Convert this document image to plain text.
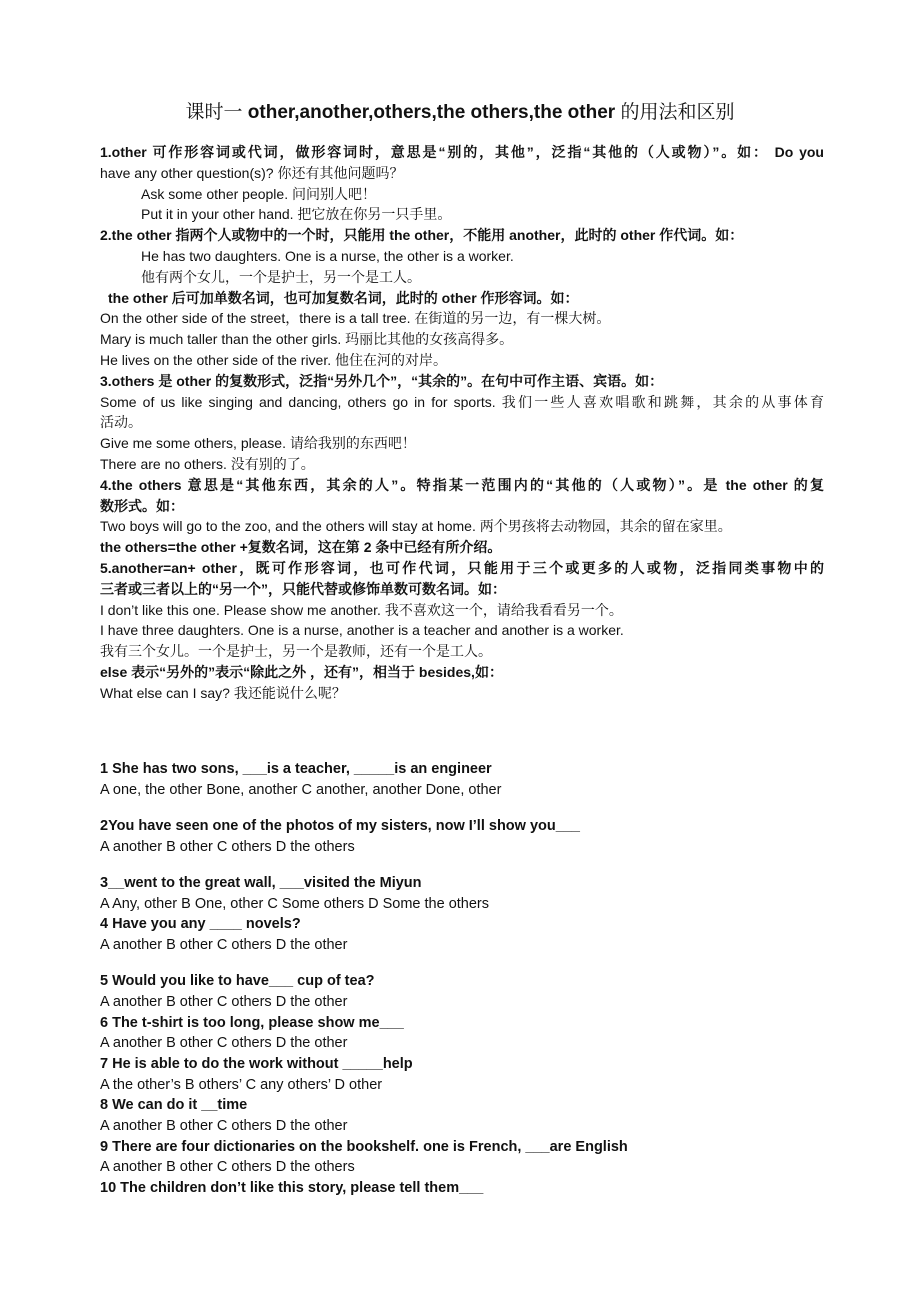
课时一 other,another,others,the others,the other 的用法和区别
1.other 可作形容词或代词，做形容词时，意思是“别的，其他”，泛指“其他的（人或物）”。如： Do you
have any other question(s)? 你还有其他问题吗？
Ask some other people. 问问别人吧！
Put it in your other hand. 把它放在你另一只手里。
2.the other 指两个人或物中的一个时，只能用 the other，不能用 another，此时的 other 作代词。如：
He has two daughters. One is a nurse, the other is a worker.
他有两个女儿，一个是护士，另一个是工人。
the other 后可加单数名词，也可加复数名词，此时的 other 作形容词。如：
On the other side of the street，there is a tall tree. 在街道的另一边，有一棵大树。
Mary is much taller than the other girls. 玛丽比其他的女孩高得多。
He lives on the other side of the river. 他住在河的对岸。
3.others 是 other 的复数形式，泛指“另外几个”，“其余的”。在句中可作主语、宾语。如：
Some of us like singing and dancing, others go in for sports. 我们一些人喜欢唱歌和跳舞，其余的从事体育
活动。
Give me some others, please. 请给我别的东西吧！
There are no others. 没有别的了。
4.the others 意思是“其他东西，其余的人”。特指某一范围内的“其他的（人或物）”。是 the other 的复
数形式。如：
Two boys will go to the zoo, and the others will stay at home. 两个男孩将去动物园，其余的留在家里。
the others=the other +复数名词，这在第 2 条中已经有所介绍。
5.another=an+ other，既可作形容词，也可作代词，只能用于三个或更多的人或物，泛指同类事物中的
三者或三者以上的“另一个”，只能代替或修饰单数可数名词。如：
I don’t like this one. Please show me another. 我不喜欢这一个，请给我看看另一个。
I have three daughters. One is a nurse, another is a teacher and another is a worker.
我有三个女儿。一个是护士，另一个是教师，还有一个是工人。
else 表示“另外的”表示“除此之外 ，还有”，相当于 besides,如：
What else can I say? 我还能说什么呢？
1 She has two sons, ___is a teacher, _____is an engineer
A one, the other Bone, another C another, another Done, other
2You have seen one of the photos of my sisters, now I’ll show you___
A another B other C others D the others
3__went to the great wall, ___visited the Miyun
A Any, other B One, other C Some others D Some the others
4 Have you any ____ novels?
A another B other C others D the other
5 Would you like to have___ cup of tea?
A another B other C others D the other
6 The t-shirt is too long, please show me___
A another B other C others D the other
7 He is able to do the work without _____help
A the other’s B others’ C any others’ D other
8 We can do it __time
A another B other C others D the other
9 There are four dictionaries on the bookshelf. one is French, ___are English
A another B other C others D the others
10 The children don’t like this story, please tell them___
